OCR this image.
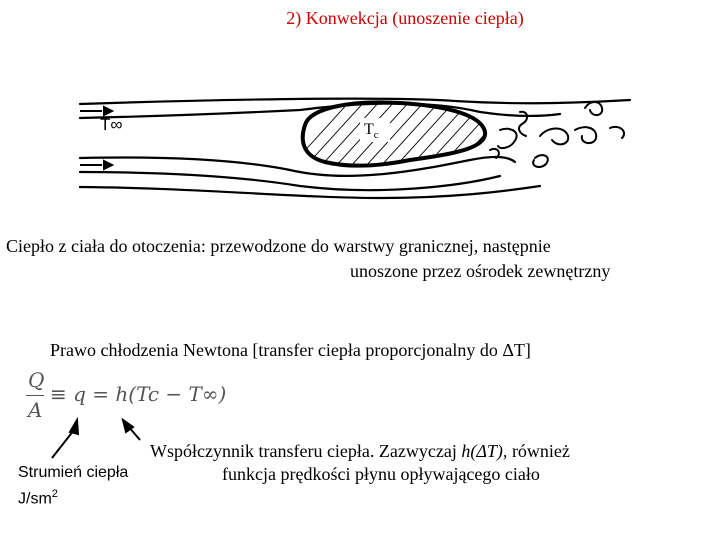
2) Konwekcja (unoszenie ciepła)
T∞	$T_c$
Ciepło z ciała do otoczenia: przewodzone do warstwy granicznej, następnie
unoszone przez ośrodek zewnętrzny
Prawo chłodzenia Newtona [transfer ciepła proporcjonalny do ΔT]
Q
A
≡ q = h(Tc − T∞)
Współczynnik transferu ciepła. Zazwyczaj h(ΔT), również
funkcja prędkości płynu opływającego ciało
Strumień ciepła
$J/sm^2$
